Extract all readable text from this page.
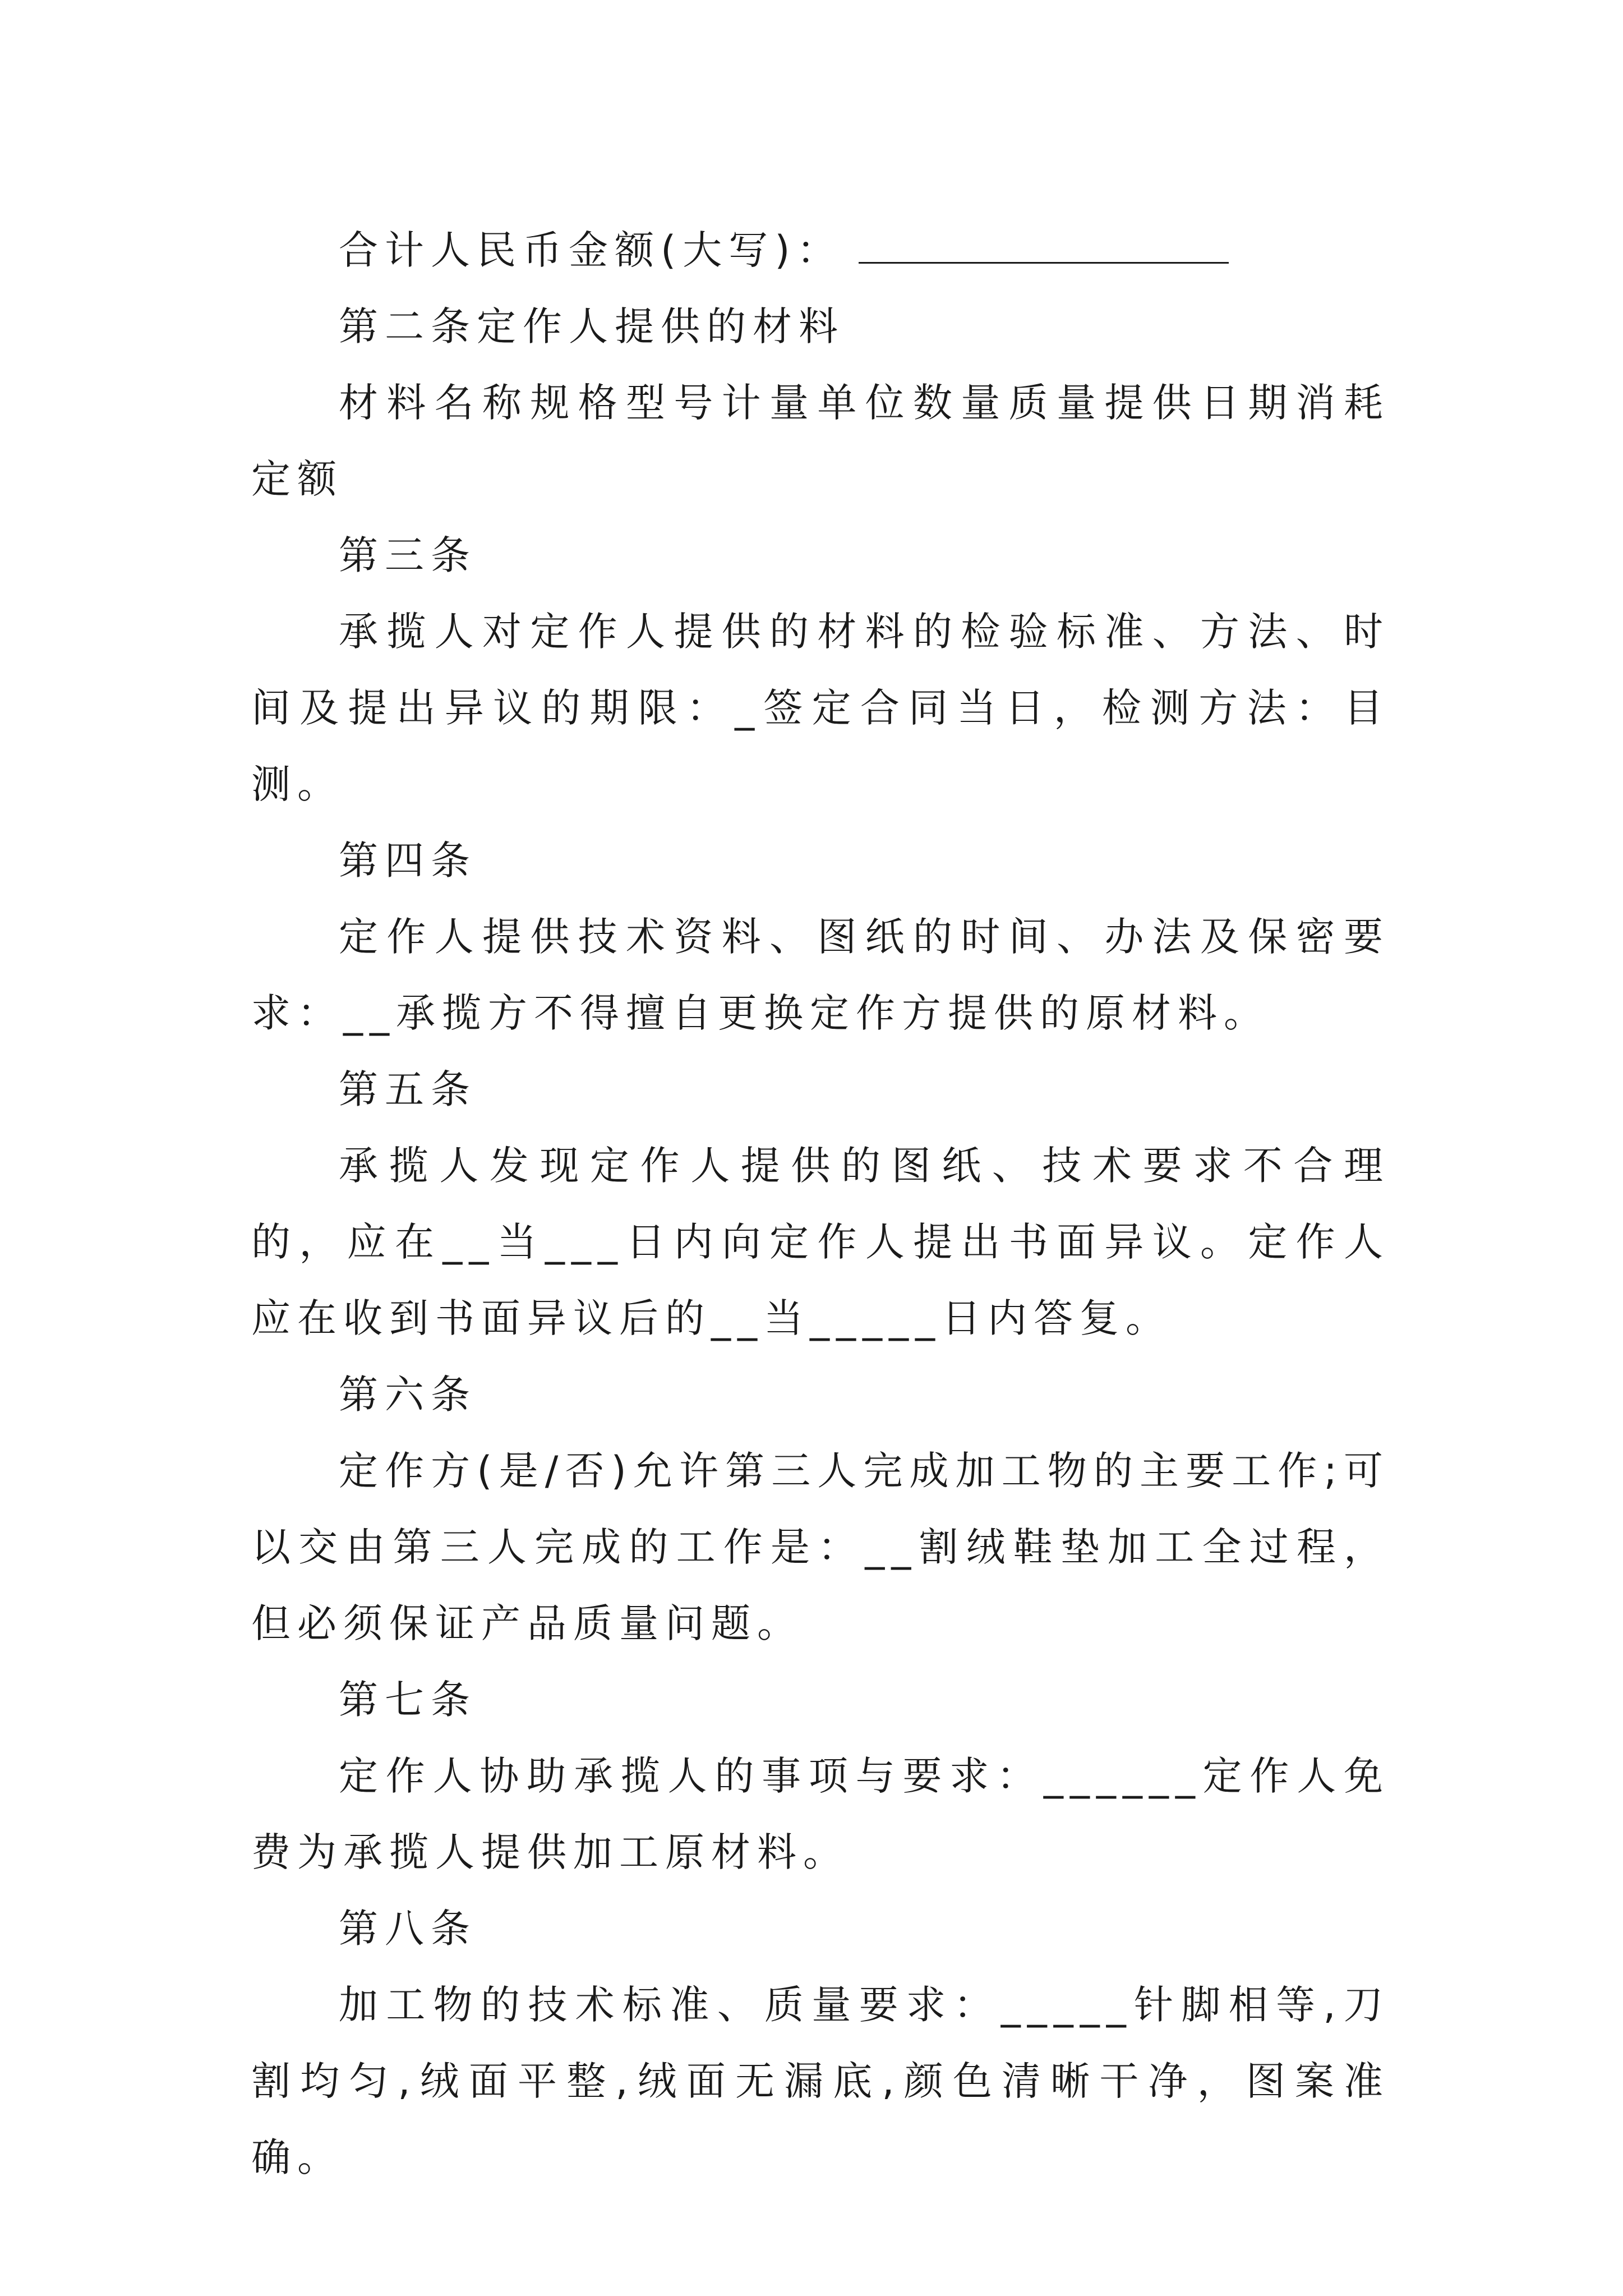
合计人民币金额(大写)：

第二条定作人提供的材料

材料名称规格型号计量单位数量质量提供日期消耗定额

第三条

承揽人对定作人提供的材料的检验标准、方法、时间及提出异议的期限：_签定合同当日，检测方法：目测。

第四条

定作人提供技术资料、图纸的时间、办法及保密要求：__承揽方不得擅自更换定作方提供的原材料。

第五条

承揽人发现定作人提供的图纸、技术要求不合理的，应在__当___日内向定作人提出书面异议。定作人应在收到书面异议后的__当_____日内答复。

第六条

定作方(是/否)允许第三人完成加工物的主要工作;可以交由第三人完成的工作是：__割绒鞋垫加工全过程，但必须保证产品质量问题。

第七条

定作人协助承揽人的事项与要求：______定作人免费为承揽人提供加工原材料。

第八条

加工物的技术标准、质量要求：_____针脚相等,刀割均匀,绒面平整,绒面无漏底,颜色清晰干净，图案准确。
